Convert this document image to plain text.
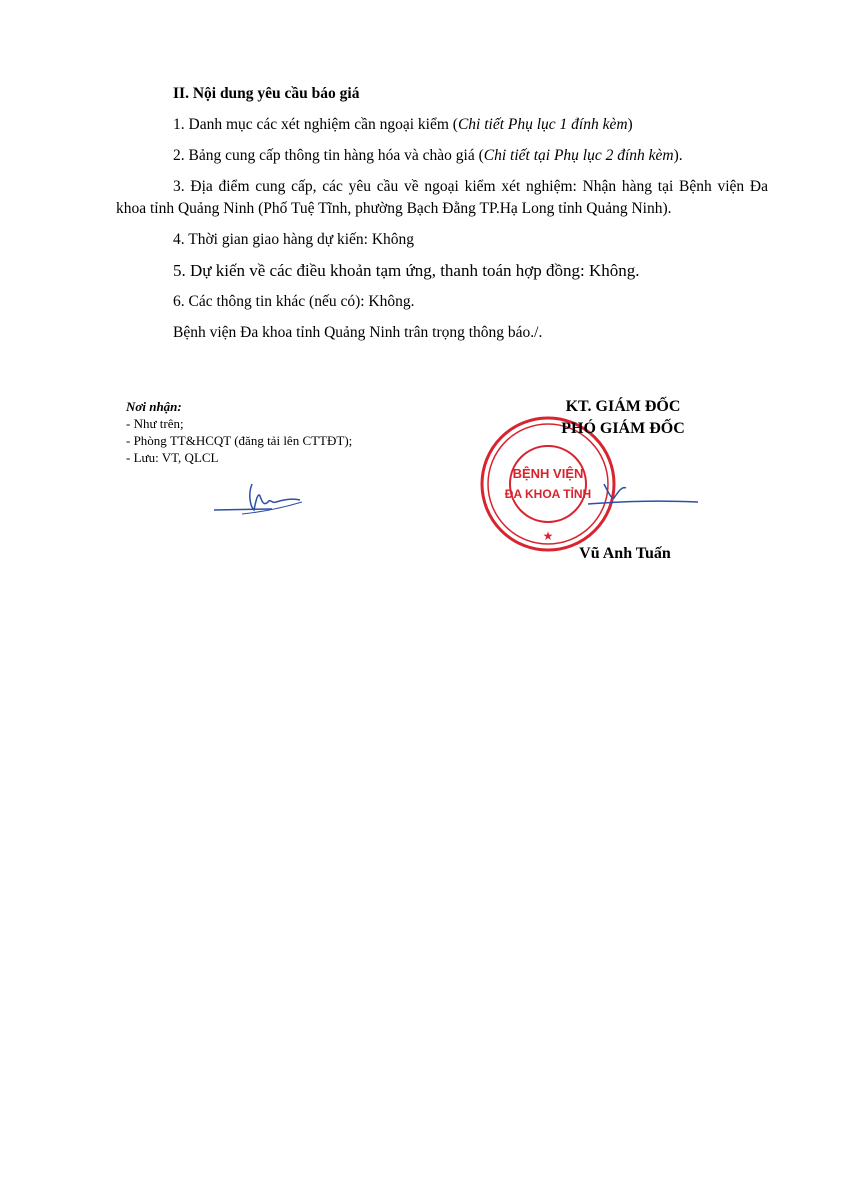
II. Nội dung yêu cầu báo giá

1. Danh mục các xét nghiệm cần ngoại kiểm (Chi tiết Phụ lục 1 đính kèm)

2. Bảng cung cấp thông tin hàng hóa và chào giá (Chi tiết tại Phụ lục 2 đính kèm).

3. Địa điểm cung cấp, các yêu cầu về ngoại kiểm xét nghiệm: Nhận hàng tại Bệnh viện Đa khoa tỉnh Quảng Ninh (Phố Tuệ Tĩnh, phường Bạch Đằng TP.Hạ Long tỉnh Quảng Ninh).

4. Thời gian giao hàng dự kiến: Không

5. Dự kiến về các điều khoản tạm ứng, thanh toán hợp đồng: Không.

6. Các thông tin khác (nếu có): Không.

Bệnh viện Đa khoa tỉnh Quảng Ninh trân trọng thông báo./.

Nơi nhận:
- Như trên;
- Phòng TT&HCQT (đăng tải lên CTTĐT);
- Lưu: VT, QLCL
BỆNH VIỆN
ĐA KHOA TỈNH
★
KT. GIÁM ĐỐC
PHÓ GIÁM ĐỐC
Vũ Anh Tuấn
